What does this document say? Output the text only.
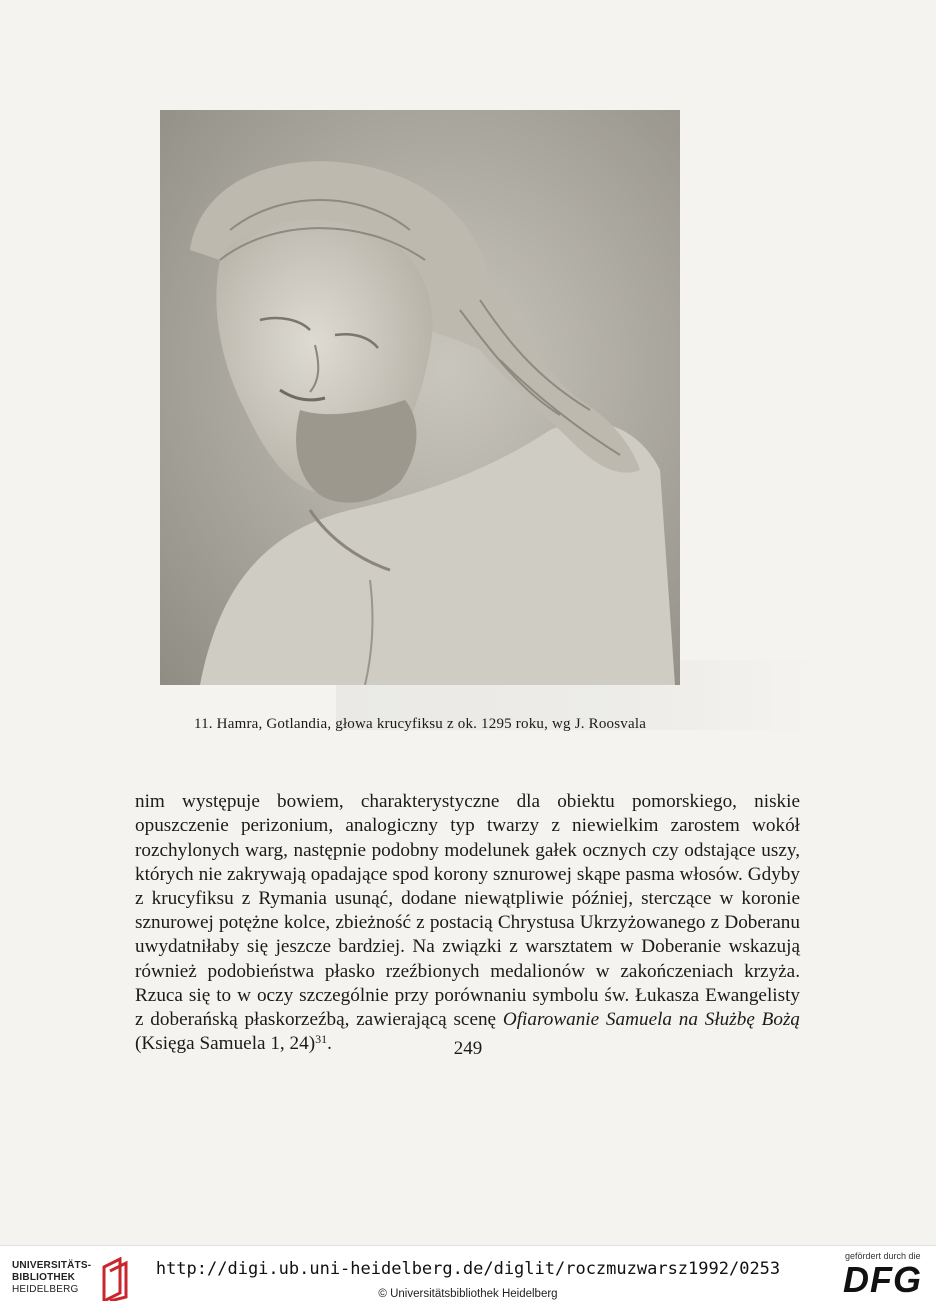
11. Hamra, Gotlandia, głowa krucyfiksu z ok. 1295 roku, wg J. Roosvala

nim występuje bowiem, charakterystyczne dla obiektu pomorskiego, niskie opuszczenie perizonium, analogiczny typ twarzy z niewielkim zarostem wokół rozchylonych warg, następnie podobny modelunek gałek ocznych czy odstające uszy, których nie zakrywają opadające spod korony sznurowej skąpe pasma włosów. Gdyby z krucyfiksu z Rymania usunąć, dodane niewątpliwie później, sterczące w koronie sznurowej potężne kolce, zbieżność z postacią Chrystusa Ukrzyżowanego z Doberanu uwydatniłaby się jeszcze bardziej. Na związki z warsztatem w Doberanie wskazują również podobieństwa płasko rzeźbionych medalionów w zakończeniach krzyża. Rzuca się to w oczy szczególnie przy porównaniu symbolu św. Łukasza Ewangelisty z doberańską płaskorzeźbą, zawierającą scenę Ofiarowanie Samuela na Służbę Bożą (Księga Samuela 1, 24)$^{31}$.	249
UNIVERSITÄTS-
BIBLIOTHEK
HEIDELBERG
http://digi.ub.uni-heidelberg.de/diglit/roczmuzwarsz1992/0253
© Universitätsbibliothek Heidelberg
gefördert durch die
DFG
